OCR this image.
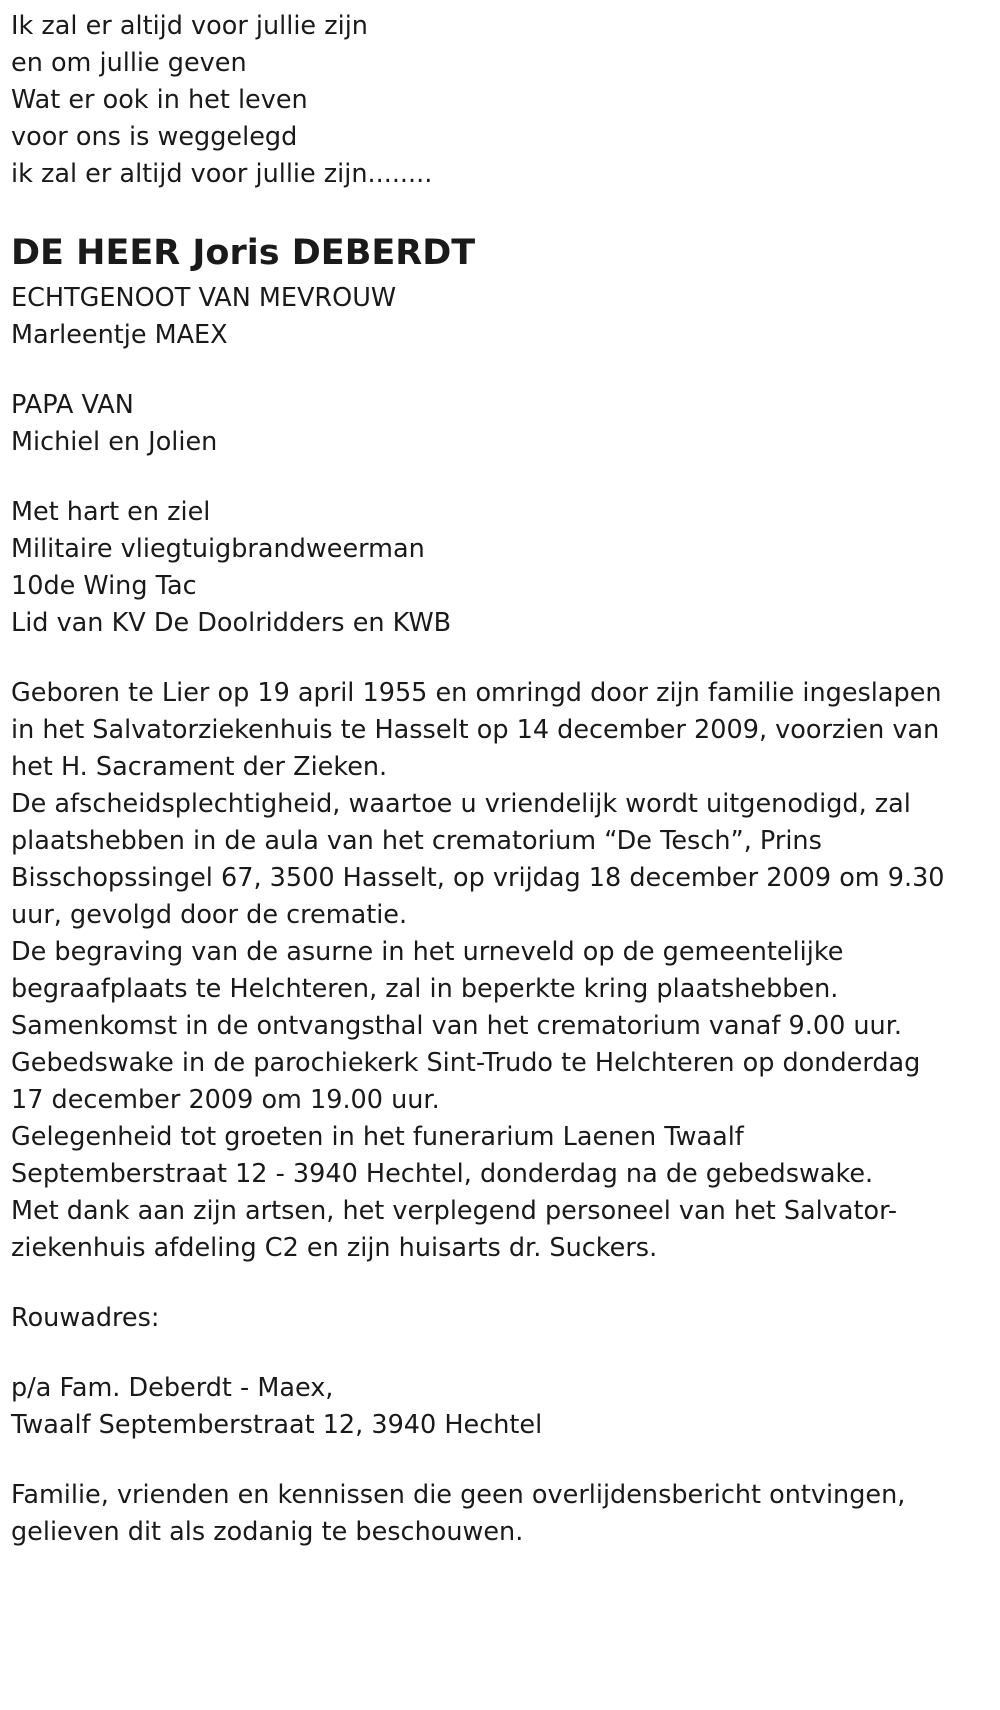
Ik zal er altijd voor jullie zijn
en om jullie geven
Wat er ook in het leven
voor ons is weggelegd
ik zal er altijd voor jullie zijn........
DE HEER Joris DEBERDT
ECHTGENOOT VAN MEVROUW
Marleentje MAEX
PAPA VAN
Michiel en Jolien
Met hart en ziel
Militaire vliegtuigbrandweerman
10de Wing Tac
Lid van KV De Doolridders en KWB
Geboren te Lier op 19 april 1955 en omringd door zijn familie ingeslapen
in het Salvatorziekenhuis te Hasselt op 14 december 2009, voorzien van
het H. Sacrament der Zieken.
De afscheidsplechtigheid, waartoe u vriendelijk wordt uitgenodigd, zal
plaatshebben in de aula van het crematorium “De Tesch”, Prins
Bisschopssingel 67, 3500 Hasselt, op vrijdag 18 december 2009 om 9.30
uur, gevolgd door de crematie.
De begraving van de asurne in het urneveld op de gemeentelijke
begraafplaats te Helchteren, zal in beperkte kring plaatshebben.
Samenkomst in de ontvangsthal van het crematorium vanaf 9.00 uur.
Gebedswake in de parochiekerk Sint-Trudo te Helchteren op donderdag
17 december 2009 om 19.00 uur.
Gelegenheid tot groeten in het funerarium Laenen Twaalf
Septemberstraat 12 - 3940 Hechtel, donderdag na de gebedswake.
Met dank aan zijn artsen, het verplegend personeel van het Salvator-
ziekenhuis afdeling C2 en zijn huisarts dr. Suckers.
Rouwadres:
p/a Fam. Deberdt - Maex,
Twaalf Septemberstraat 12, 3940 Hechtel
Familie, vrienden en kennissen die geen overlijdensbericht ontvingen,
gelieven dit als zodanig te beschouwen.
